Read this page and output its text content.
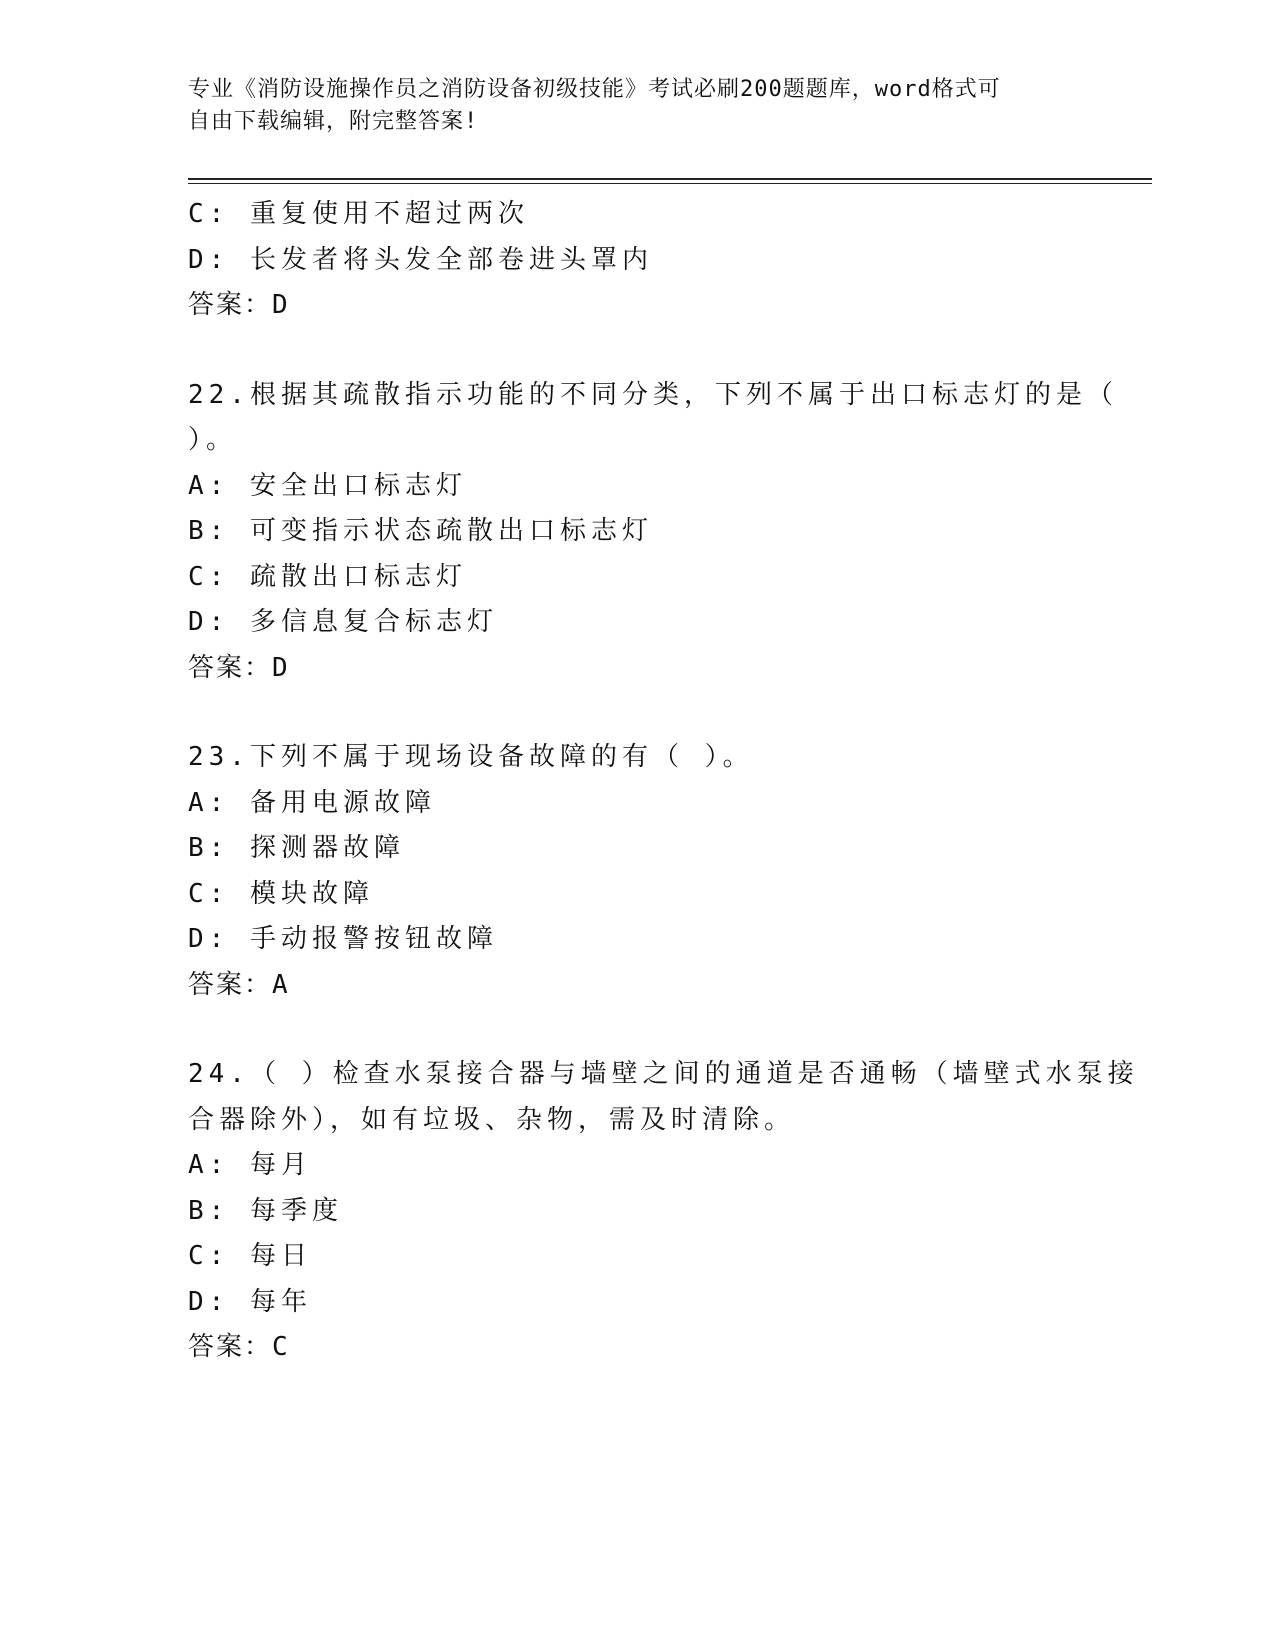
专业《消防设施操作员之消防设备初级技能》考试必刷200题题库，word格式可
自由下载编辑，附完整答案!
C: 重复使用不超过两次
D: 长发者将头发全部卷进头罩内
答案：D
22.根据其疏散指示功能的不同分类，下列不属于出口标志灯的是（
）。
A: 安全出口标志灯
B: 可变指示状态疏散出口标志灯
C: 疏散出口标志灯
D: 多信息复合标志灯
答案：D
23.下列不属于现场设备故障的有（ ）。
A: 备用电源故障
B: 探测器故障
C: 模块故障
D: 手动报警按钮故障
答案：A
24.（ ）检查水泵接合器与墙壁之间的通道是否通畅（墙壁式水泵接
合器除外），如有垃圾、杂物，需及时清除。
A: 每月
B: 每季度
C: 每日
D: 每年
答案：C
